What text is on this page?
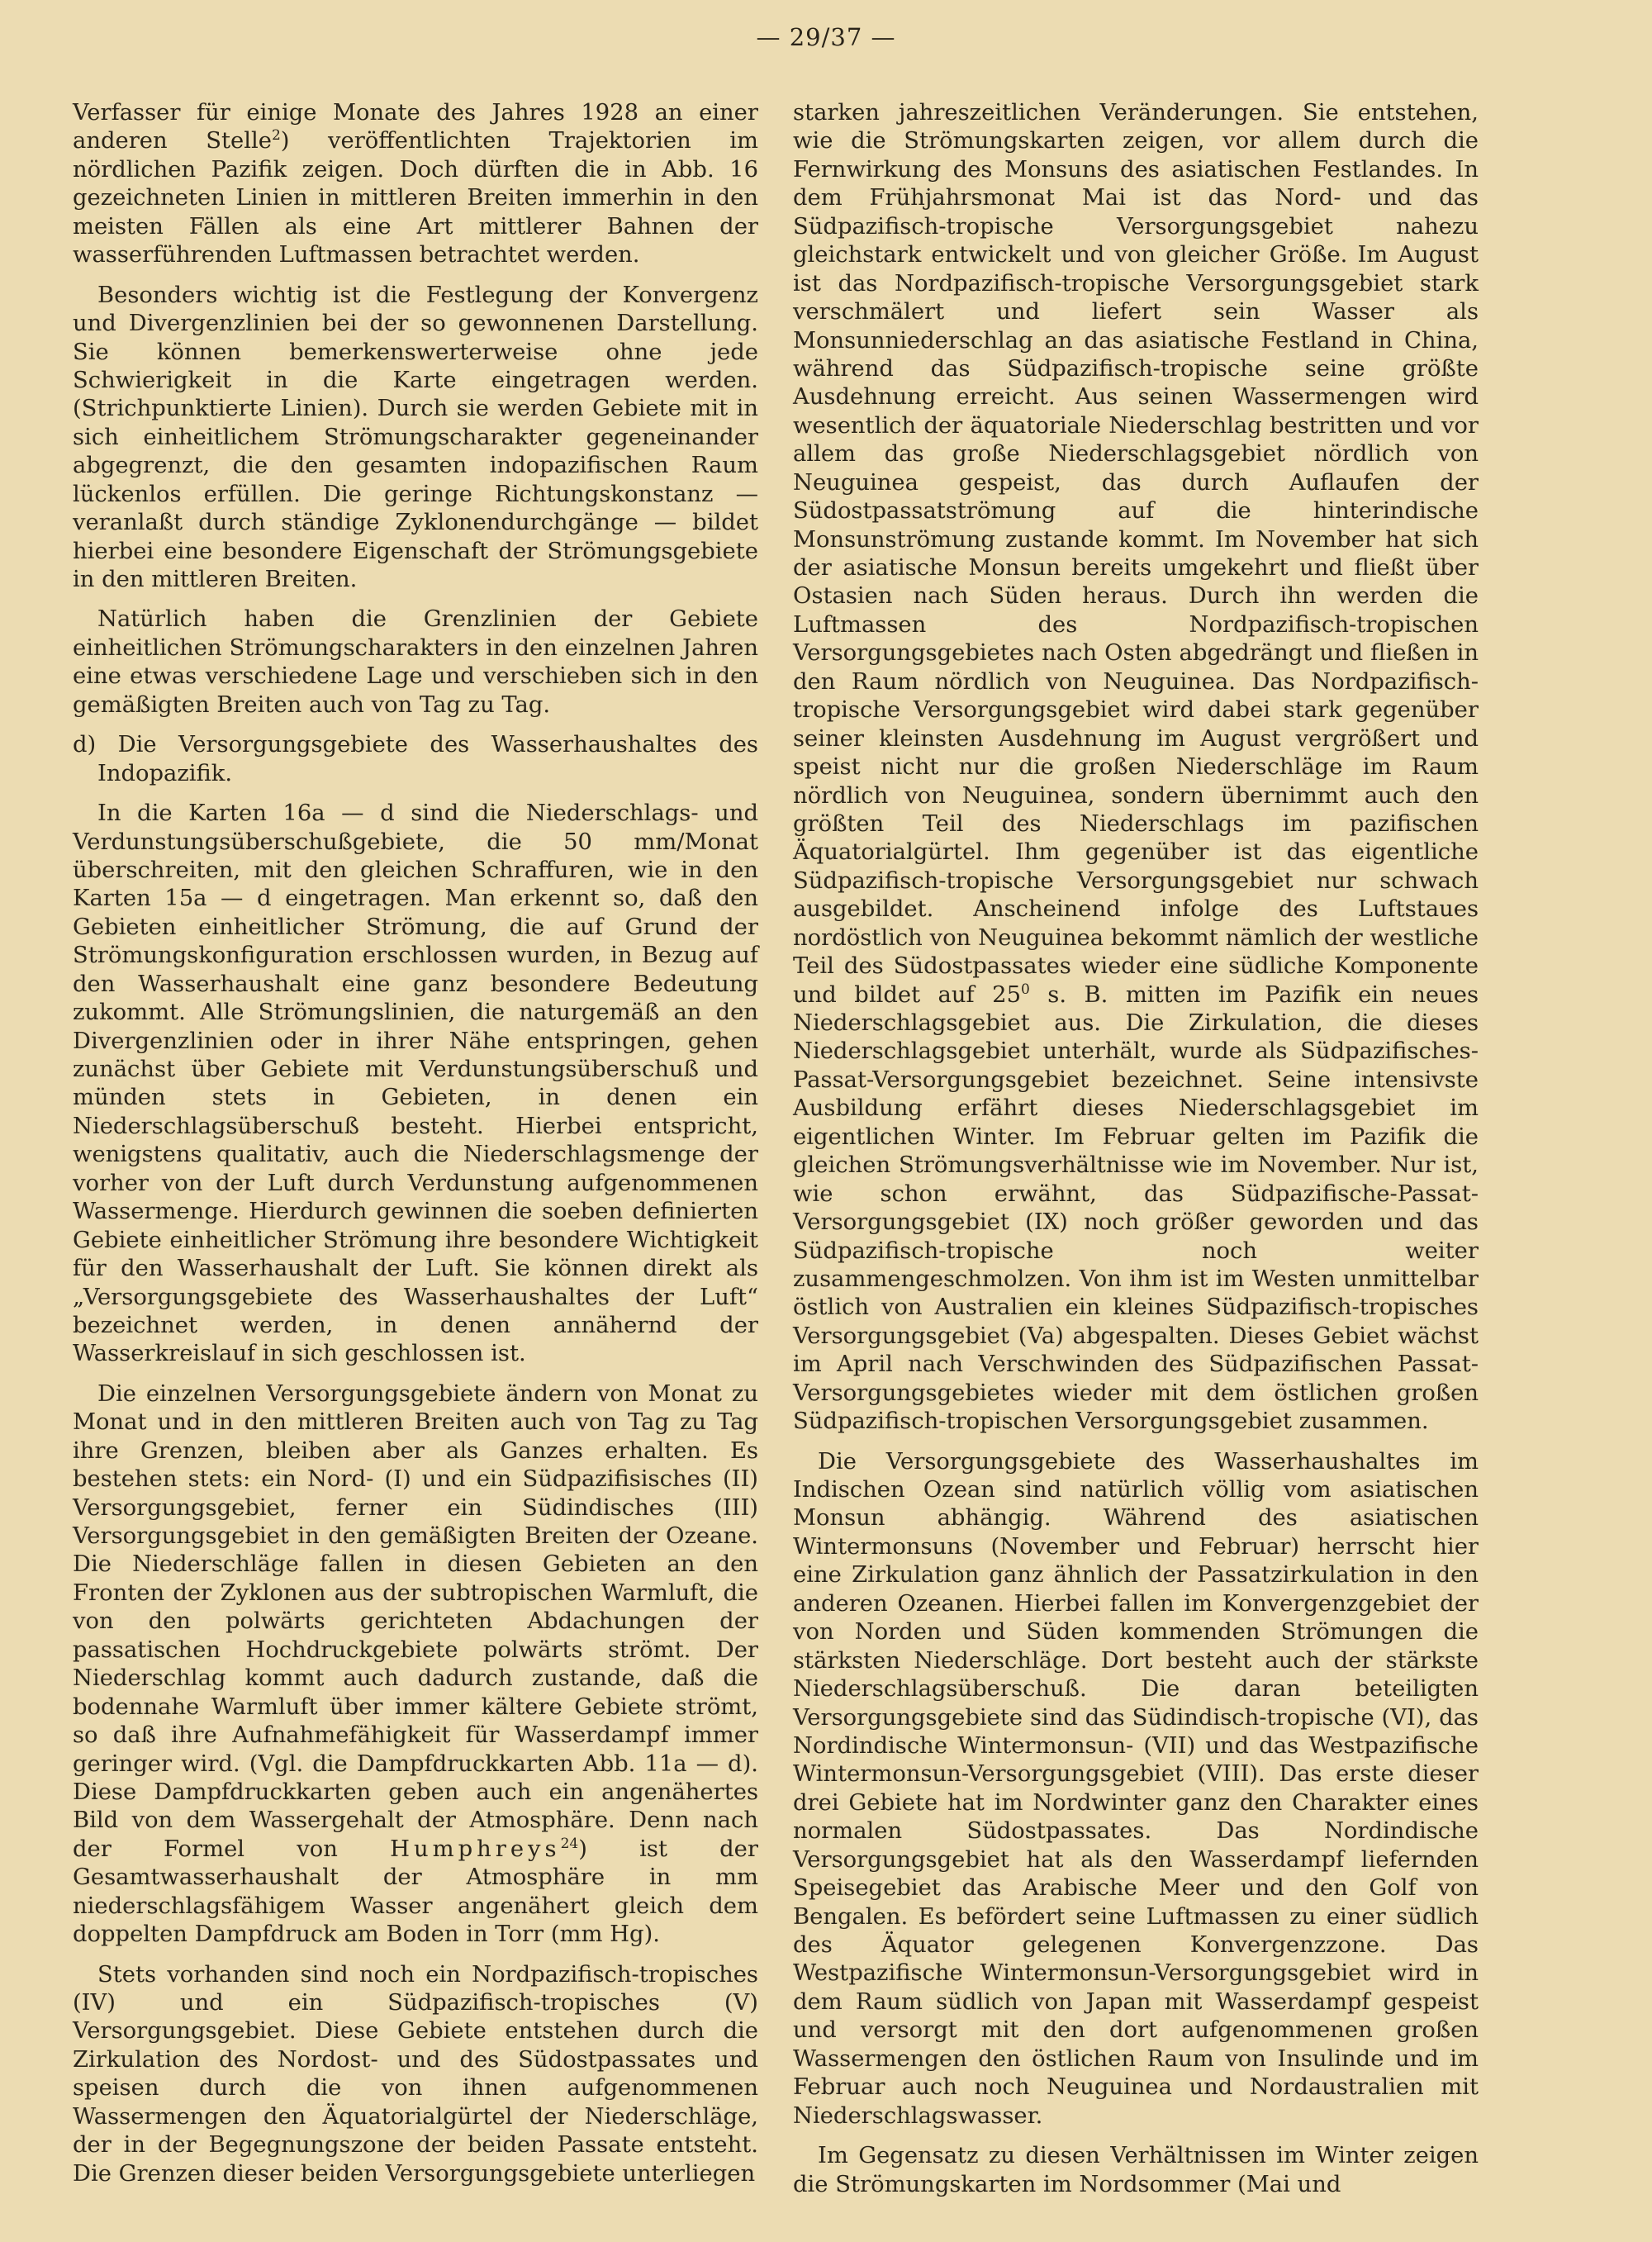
— 29/37 —

Verfasser für einige Monate des Jahres 1928 an einer anderen Stelle$^2$) veröffentlichten Trajektorien im nördlichen Pazifik zeigen. Doch dürften die in Abb. 16 gezeichneten Linien in mittleren Breiten immerhin in den meisten Fällen als eine Art mittlerer Bahnen der wasserführenden Luftmassen betrachtet werden.

Besonders wichtig ist die Festlegung der Konvergenz und Divergenzlinien bei der so gewonnenen Darstellung. Sie können bemerkenswerterweise ohne jede Schwierigkeit in die Karte eingetragen werden. (Strichpunktierte Linien). Durch sie werden Gebiete mit in sich einheitlichem Strömungscharakter gegeneinander abgegrenzt, die den gesamten indopazifischen Raum lückenlos erfüllen. Die geringe Richtungskonstanz — veranlaßt durch ständige Zyklonendurchgänge — bildet hierbei eine besondere Eigenschaft der Strömungsgebiete in den mittleren Breiten.

Natürlich haben die Grenzlinien der Gebiete einheitlichen Strömungscharakters in den einzelnen Jahren eine etwas verschiedene Lage und verschieben sich in den gemäßigten Breiten auch von Tag zu Tag.

d) Die Versorgungsgebiete des Wasserhaushaltes des Indopazifik.

In die Karten 16a — d sind die Niederschlags- und Verdunstungsüberschußgebiete, die 50 mm/Monat überschreiten, mit den gleichen Schraffuren, wie in den Karten 15a — d eingetragen. Man erkennt so, daß den Gebieten einheitlicher Strömung, die auf Grund der Strömungskonfiguration erschlossen wurden, in Bezug auf den Wasserhaushalt eine ganz besondere Bedeutung zukommt. Alle Strömungslinien, die naturgemäß an den Divergenzlinien oder in ihrer Nähe entspringen, gehen zunächst über Gebiete mit Verdunstungsüberschuß und münden stets in Gebieten, in denen ein Niederschlagsüberschuß besteht. Hierbei entspricht, wenigstens qualitativ, auch die Niederschlagsmenge der vorher von der Luft durch Verdunstung aufgenommenen Wassermenge. Hierdurch gewinnen die soeben definierten Gebiete einheitlicher Strömung ihre besondere Wichtigkeit für den Wasserhaushalt der Luft. Sie können direkt als „Versorgungsgebiete des Wasserhaushaltes der Luft“ bezeichnet werden, in denen annähernd der Wasserkreislauf in sich geschlossen ist.

Die einzelnen Versorgungsgebiete ändern von Monat zu Monat und in den mittleren Breiten auch von Tag zu Tag ihre Grenzen, bleiben aber als Ganzes erhalten. Es bestehen stets: ein Nord- (I) und ein Südpazifisisches (II) Versorgungsgebiet, ferner ein Südindisches (III) Versorgungsgebiet in den gemäßigten Breiten der Ozeane. Die Niederschläge fallen in diesen Gebieten an den Fronten der Zyklonen aus der subtropischen Warmluft, die von den polwärts gerichteten Abdachungen der passatischen Hochdruckgebiete polwärts strömt. Der Niederschlag kommt auch dadurch zustande, daß die bodennahe Warmluft über immer kältere Gebiete strömt, so daß ihre Aufnahmefähigkeit für Wasserdampf immer geringer wird. (Vgl. die Dampfdruckkarten Abb. 11a — d). Diese Dampfdruckkarten geben auch ein angenähertes Bild von dem Wassergehalt der Atmosphäre. Denn nach der Formel von Humphreys$^{24}$) ist der Gesamtwasserhaushalt der Atmosphäre in mm niederschlagsfähigem Wasser angenähert gleich dem doppelten Dampfdruck am Boden in Torr (mm Hg).

Stets vorhanden sind noch ein Nordpazifisch-tropisches (IV) und ein Südpazifisch-tropisches (V) Versorgungsgebiet. Diese Gebiete entstehen durch die Zirkulation des Nordost- und des Südostpassates und speisen durch die von ihnen aufgenommenen Wassermengen den Äquatorialgürtel der Niederschläge, der in der Begegnungszone der beiden Passate entsteht. Die Grenzen dieser beiden Versorgungsgebiete unterliegen

starken jahreszeitlichen Veränderungen. Sie entstehen, wie die Strömungskarten zeigen, vor allem durch die Fernwirkung des Monsuns des asiatischen Festlandes. In dem Frühjahrsmonat Mai ist das Nord- und das Südpazifisch-tropische Versorgungsgebiet nahezu gleichstark entwickelt und von gleicher Größe. Im August ist das Nordpazifisch-tropische Versorgungsgebiet stark verschmälert und liefert sein Wasser als Monsunniederschlag an das asiatische Festland in China, während das Südpazifisch-tropische seine größte Ausdehnung erreicht. Aus seinen Wassermengen wird wesentlich der äquatoriale Niederschlag bestritten und vor allem das große Niederschlagsgebiet nördlich von Neuguinea gespeist, das durch Auflaufen der Südostpassatströmung auf die hinterindische Monsunströmung zustande kommt. Im November hat sich der asiatische Monsun bereits umgekehrt und fließt über Ostasien nach Süden heraus. Durch ihn werden die Luftmassen des Nordpazifisch-tropischen Versorgungsgebietes nach Osten abgedrängt und fließen in den Raum nördlich von Neuguinea. Das Nordpazifisch-tropische Versorgungsgebiet wird dabei stark gegenüber seiner kleinsten Ausdehnung im August vergrößert und speist nicht nur die großen Niederschläge im Raum nördlich von Neuguinea, sondern übernimmt auch den größten Teil des Niederschlags im pazifischen Äquatorialgürtel. Ihm gegenüber ist das eigentliche Südpazifisch-tropische Versorgungsgebiet nur schwach ausgebildet. Anscheinend infolge des Luftstaues nordöstlich von Neuguinea bekommt nämlich der westliche Teil des Südostpassates wieder eine südliche Komponente und bildet auf $25^0$ s. B. mitten im Pazifik ein neues Niederschlagsgebiet aus. Die Zirkulation, die dieses Niederschlagsgebiet unterhält, wurde als Südpazifisches-Passat-Versorgungsgebiet bezeichnet. Seine intensivste Ausbildung erfährt dieses Niederschlagsgebiet im eigentlichen Winter. Im Februar gelten im Pazifik die gleichen Strömungsverhältnisse wie im November. Nur ist, wie schon erwähnt, das Südpazifische-Passat-Versorgungsgebiet (IX) noch größer geworden und das Südpazifisch-tropische noch weiter zusammengeschmolzen. Von ihm ist im Westen unmittelbar östlich von Australien ein kleines Südpazifisch-tropisches Versorgungsgebiet (Va) abgespalten. Dieses Gebiet wächst im April nach Verschwinden des Südpazifischen Passat-Versorgungsgebietes wieder mit dem östlichen großen Südpazifisch-tropischen Versorgungsgebiet zusammen.

Die Versorgungsgebiete des Wasserhaushaltes im Indischen Ozean sind natürlich völlig vom asiatischen Monsun abhängig. Während des asiatischen Wintermonsuns (November und Februar) herrscht hier eine Zirkulation ganz ähnlich der Passatzirkulation in den anderen Ozeanen. Hierbei fallen im Konvergenzgebiet der von Norden und Süden kommenden Strömungen die stärksten Niederschläge. Dort besteht auch der stärkste Niederschlagsüberschuß. Die daran beteiligten Versorgungsgebiete sind das Südindisch-tropische (VI), das Nordindische Wintermonsun- (VII) und das Westpazifische Wintermonsun-Versorgungsgebiet (VIII). Das erste dieser drei Gebiete hat im Nordwinter ganz den Charakter eines normalen Südostpassates. Das Nordindische Versorgungsgebiet hat als den Wasserdampf liefernden Speisegebiet das Arabische Meer und den Golf von Bengalen. Es befördert seine Luftmassen zu einer südlich des Äquator gelegenen Konvergenzzone. Das Westpazifische Wintermonsun-Versorgungsgebiet wird in dem Raum südlich von Japan mit Wasserdampf gespeist und versorgt mit den dort aufgenommenen großen Wassermengen den östlichen Raum von Insulinde und im Februar auch noch Neuguinea und Nordaustralien mit Niederschlagswasser.

Im Gegensatz zu diesen Verhältnissen im Winter zeigen die Strömungskarten im Nordsommer (Mai und
